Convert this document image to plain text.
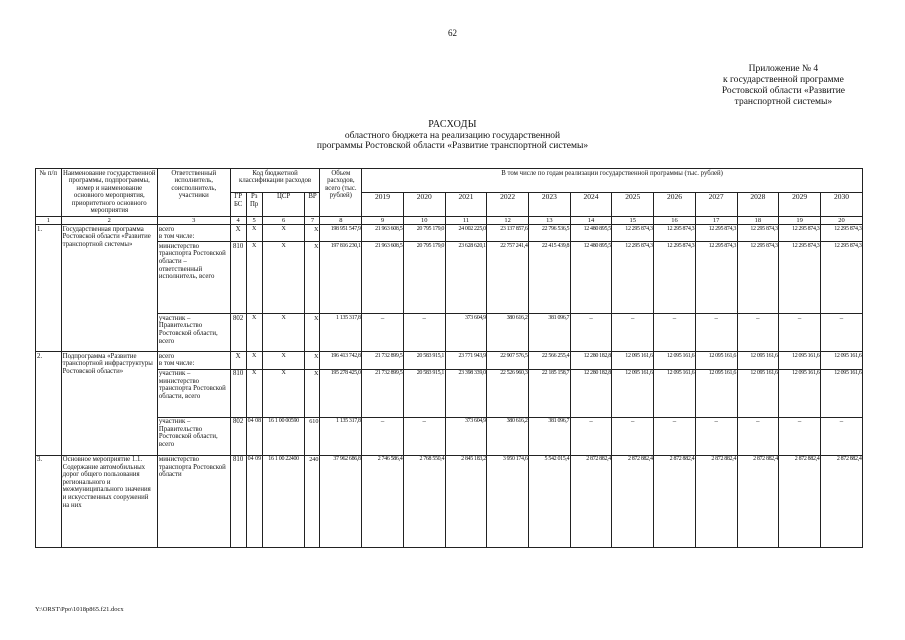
62
Приложение № 4
к государственной программе
Ростовской области «Развитие
транспортной системы»
РАСХОДЫ
областного бюджета на реализацию государственной
программы Ростовской области «Развитие транспортной системы»
№ п/п	Наименование государственной программы, подпрограммы, номер и наименование основного мероприятия, приоритетного основного мероприятия	Ответственный исполнитель, соисполнитель, участники	Код бюджетной классификации расходов				Объем расходов, всего (тыс. рублей)	В том числе по годам реализации государственной программы (тыс. рублей)											
			ГР БС	Рз Пр	ЦСР	ВР		2019	2020	2021	2022	2023	2024	2025	2026	2027	2028	2029	2030
1	2	3	4	5	6	7	8	9	10	11	12	13	14	15	16	17	18	19	20
1.	Государственная программа Ростовской области «Развитие транспортной системы»	всего
в том числе:	X	X	X	X	198 951 547,9	21 963 608,5	20 795 179,0	24 002 225,0	23 137 857,6	22 796 536,5	12 480 895,5	12 295 874,3	12 295 874,3	12 295 874,3	12 295 874,3	12 295 874,3	12 295 874,3
		министерство транспорта Ростовской области – ответственный исполнитель, всего	810	X	X	X	197 816 230,1	21 963 608,5	20 795 179,0	23 628 620,1	22 757 241,4	22 415 439,8	12 480 895,5	12 295 874,3	12 295 874,3	12 295 874,3	12 295 874,3	12 295 874,3	12 295 874,3
		участник – Правительство Ростовской области, всего	802	X	X	X	1 135 317,8	–	–	373 604,9	380 616,2	381 096,7	–	–	–	–	–	–	–
2.	Подпрограмма «Развитие транспортной инфраструктуры Ростовской области»	всего
в том числе:	X	X	X	X	196 413 742,8	21 732 899,5	20 583 915,1	23 771 943,9	22 907 576,5	22 566 255,4	12 280 182,8	12 095 161,6	12 095 161,6	12 095 161,6	12 095 161,6	12 095 161,6	12 095 161,6
		участник – министерство транспорта Ростовской области, всего	810	X	X	X	195 278 425,0	21 732 899,5	20 583 915,1	23 398 339,0	22 526 960,3	22 185 158,7	12 280 182,8	12 095 161,6	12 095 161,6	12 095 161,6	12 095 161,6	12 095 161,6	12 095 161,6
		участник – Правительство Ростовской области, всего	802	04 08	16 1 00 00590	610	1 135 317,8	–	–	373 604,9	380 616,2	381 096,7	–	–	–	–	–	–	–
3.	Основное мероприятие 1.1. Содержание автомобильных дорог общего пользования регионального и межмуниципального значения и искусственных сооружений на них	министерство транспорта Ростовской области	810	04 09	16 1 00 22400	240	37 962 686,8	2 746 586,4	2 768 550,4	2 845 183,2	3 950 174,6	5 542 015,4	2 872 882,4	2 872 882,4	2 872 882,4	2 872 882,4	2 872 882,4	2 872 882,4	2 872 882,4
Y:\ORST\Ppo\1018p865.f21.docx
